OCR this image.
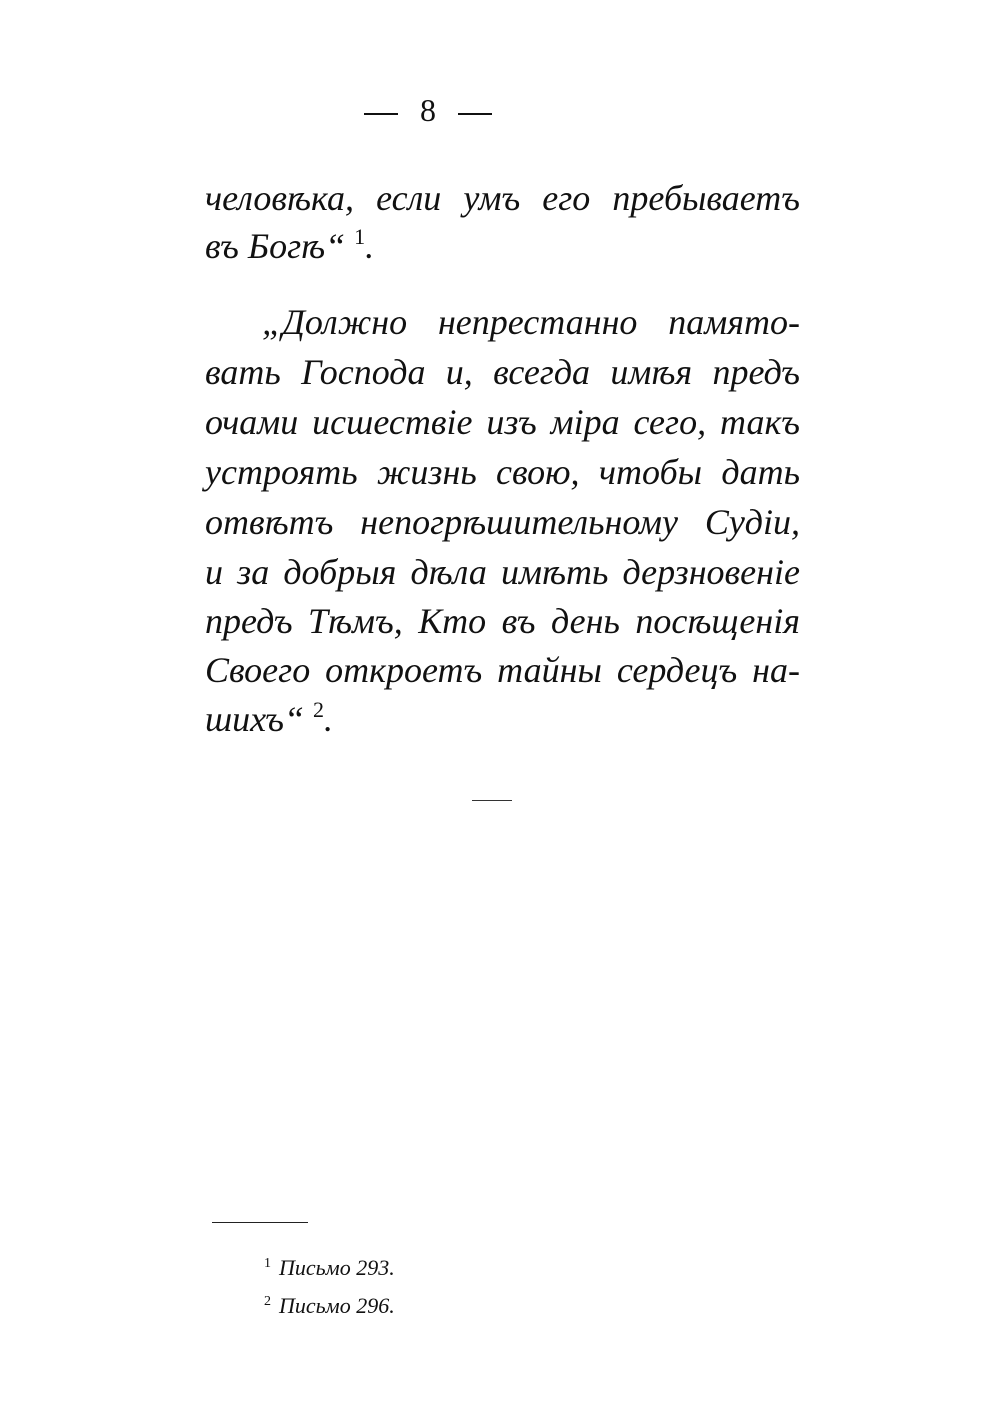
8
человѣка, если умъ его пребываетъ
въ Богѣ“ $^1$.
„Должно непрестанно памято-
вать Господа и, всегда имѣя предъ
очами исшествіе изъ міра сего, такъ
устроять жизнь свою, чтобы дать
отвѣтъ непогрѣшительному Судіи,
и за добрыя дѣла имѣть дерзновеніе
предъ Тѣмъ, Кто въ день посѣщенія
Своего откроетъ тайны сердецъ на-
шихъ“ $^2$.
$^1$ Письмо 293.
$^2$ Письмо 296.
